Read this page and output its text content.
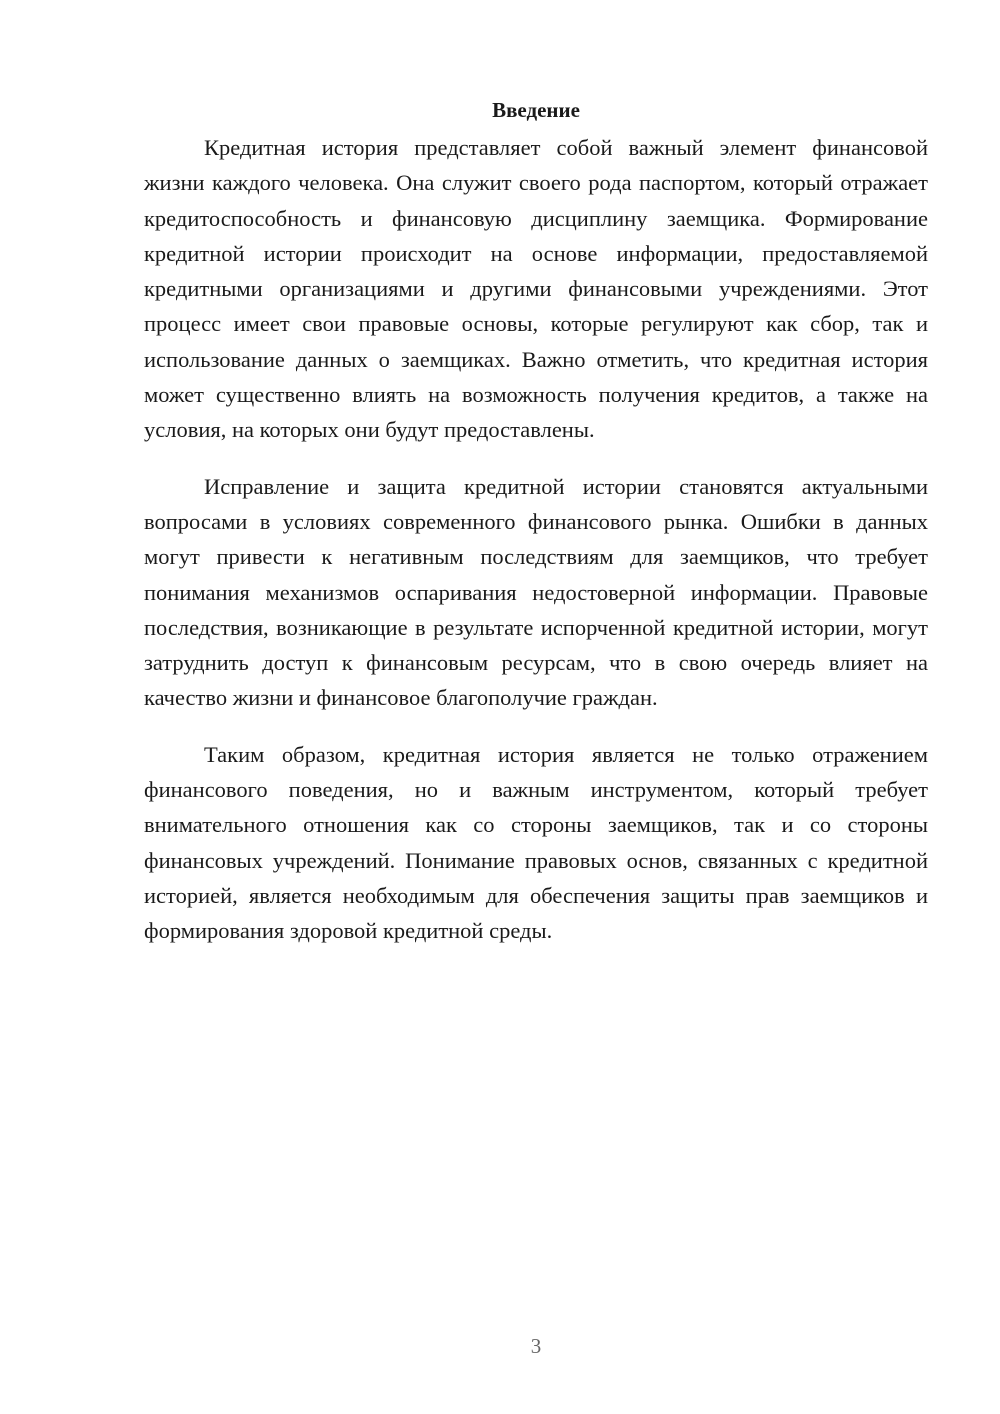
Введение

Кредитная история представляет собой важный элемент финансовой жизни каждого человека. Она служит своего рода паспортом, который отражает кредитоспособность и финансовую дисциплину заемщика. Формирование кредитной истории происходит на основе информации, предоставляемой кредитными организациями и другими финансовыми учреждениями. Этот процесс имеет свои правовые основы, которые регулируют как сбор, так и использование данных о заемщиках. Важно отметить, что кредитная история может существенно влиять на возможность получения кредитов, а также на условия, на которых они будут предоставлены.

Исправление и защита кредитной истории становятся актуальными вопросами в условиях современного финансового рынка. Ошибки в данных могут привести к негативным последствиям для заемщиков, что требует понимания механизмов оспаривания недостоверной информации. Правовые последствия, возникающие в результате испорченной кредитной истории, могут затруднить доступ к финансовым ресурсам, что в свою очередь влияет на качество жизни и финансовое благополучие граждан.

Таким образом, кредитная история является не только отражением финансового поведения, но и важным инструментом, который требует внимательного отношения как со стороны заемщиков, так и со стороны финансовых учреждений. Понимание правовых основ, связанных с кредитной историей, является необходимым для обеспечения защиты прав заемщиков и формирования здоровой кредитной среды.

3
